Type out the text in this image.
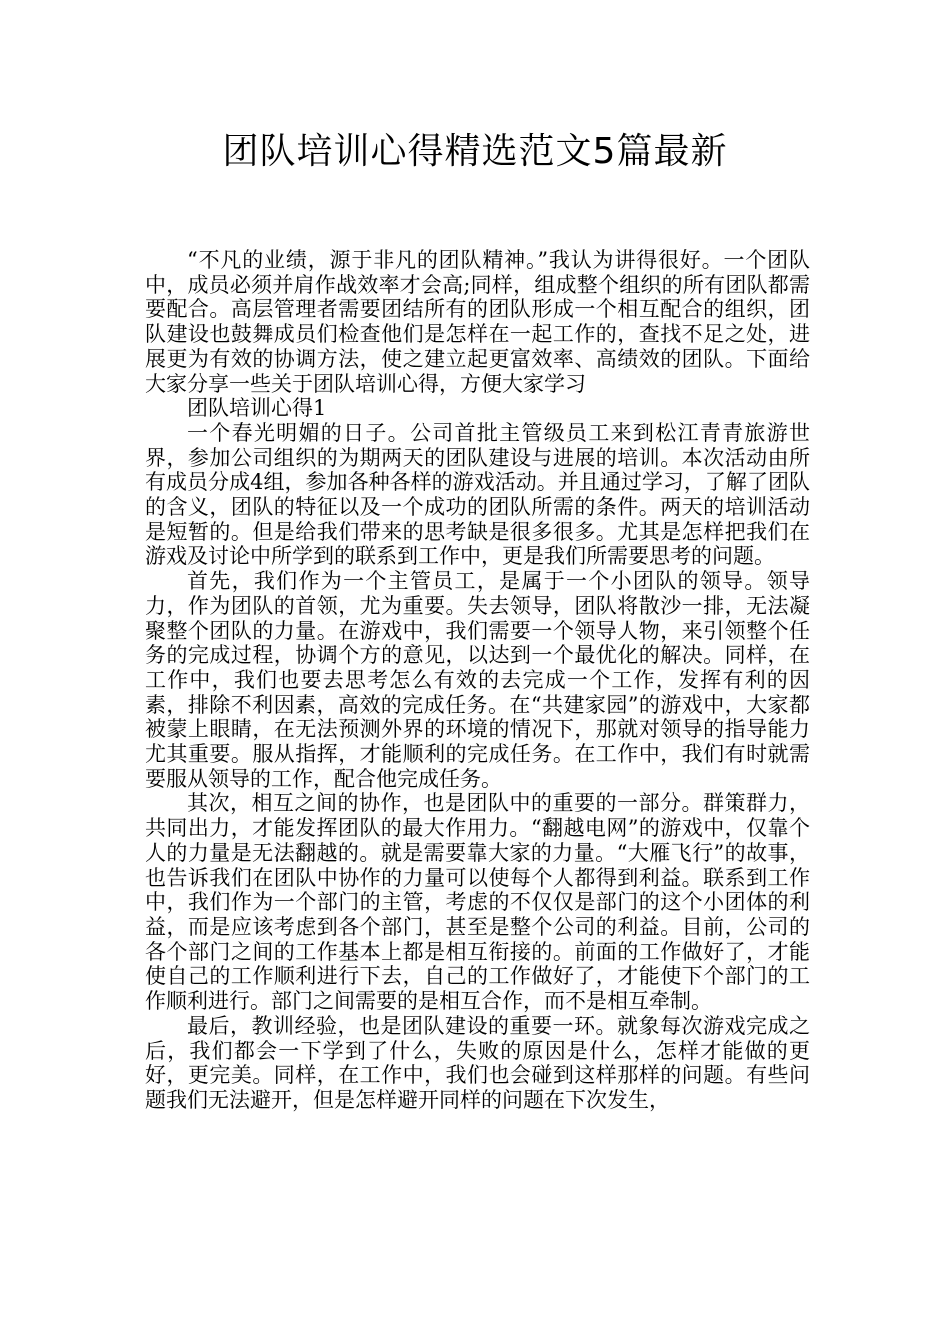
团队培训心得精选范文5篇最新

“不凡的业绩，源于非凡的团队精神。”我认为讲得很好。一个团队中，成员必须并肩作战效率才会高;同样，组成整个组织的所有团队都需要配合。高层管理者需要团结所有的团队形成一个相互配合的组织，团队建设也鼓舞成员们检查他们是怎样在一起工作的，查找不足之处，进展更为有效的协调方法，使之建立起更富效率、高绩效的团队。下面给大家分享一些关于团队培训心得，方便大家学习

团队培训心得1

一个春光明媚的日子。公司首批主管级员工来到松江青青旅游世界，参加公司组织的为期两天的团队建设与进展的培训。本次活动由所有成员分成4组，参加各种各样的游戏活动。并且通过学习，了解了团队的含义，团队的特征以及一个成功的团队所需的条件。两天的培训活动是短暂的。但是给我们带来的思考缺是很多很多。尤其是怎样把我们在游戏及讨论中所学到的联系到工作中，更是我们所需要思考的问题。

首先，我们作为一个主管员工，是属于一个小团队的领导。领导力，作为团队的首领，尤为重要。失去领导，团队将散沙一排，无法凝聚整个团队的力量。在游戏中，我们需要一个领导人物，来引领整个任务的完成过程，协调个方的意见，以达到一个最优化的解决。同样，在工作中，我们也要去思考怎么有效的去完成一个工作，发挥有利的因素，排除不利因素，高效的完成任务。在“共建家园”的游戏中，大家都被蒙上眼睛，在无法预测外界的环境的情况下，那就对领导的指导能力尤其重要。服从指挥，才能顺利的完成任务。在工作中，我们有时就需要服从领导的工作，配合他完成任务。

其次，相互之间的协作，也是团队中的重要的一部分。群策群力，共同出力，才能发挥团队的最大作用力。“翻越电网”的游戏中，仅靠个人的力量是无法翻越的。就是需要靠大家的力量。“大雁飞行”的故事，也告诉我们在团队中协作的力量可以使每个人都得到利益。联系到工作中，我们作为一个部门的主管，考虑的不仅仅是部门的这个小团体的利益，而是应该考虑到各个部门，甚至是整个公司的利益。目前，公司的各个部门之间的工作基本上都是相互衔接的。前面的工作做好了，才能使自己的工作顺利进行下去，自己的工作做好了，才能使下个部门的工作顺利进行。部门之间需要的是相互合作，而不是相互牵制。

最后，教训经验，也是团队建设的重要一环。就象每次游戏完成之后，我们都会一下学到了什么，失败的原因是什么，怎样才能做的更好，更完美。同样，在工作中，我们也会碰到这样那样的问题。有些问题我们无法避开，但是怎样避开同样的问题在下次发生，
